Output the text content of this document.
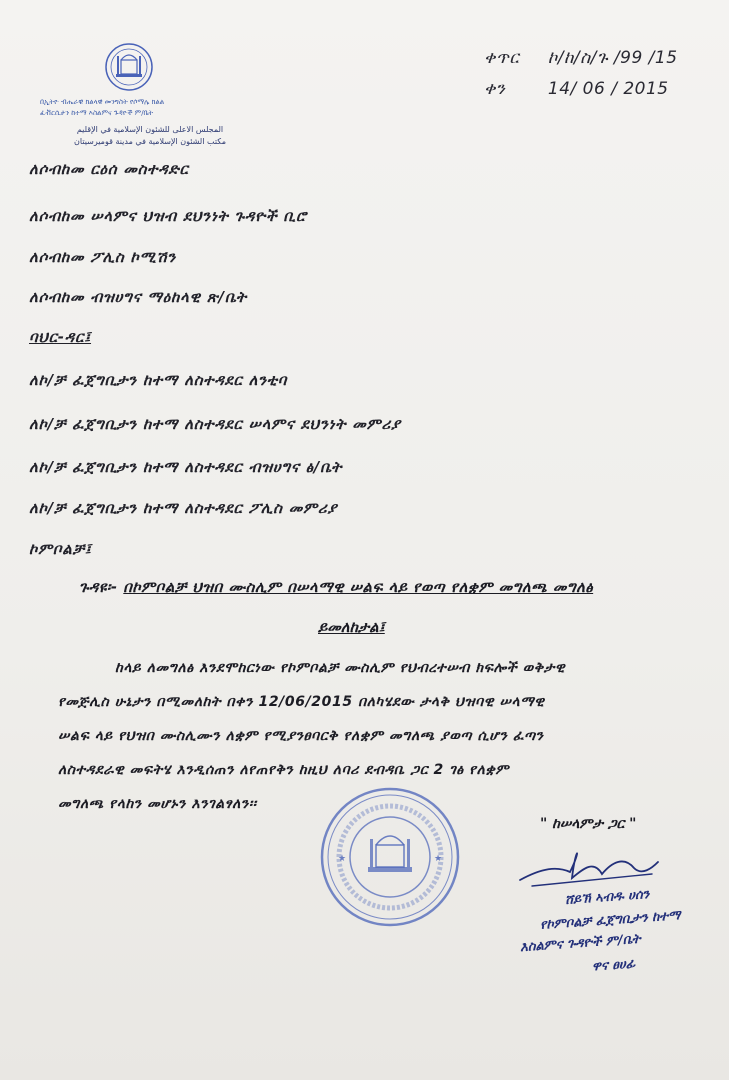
በኢትዮ ብሔራዊ ክልላዊ መንግስት የሶማሌ ክልል
ፈቭርሲታን ከተማ እስልምና ጉዳዮች ም/ቤት
المجلس الأعلى للشئون الإسلامية في الإقليم
مكتب الشئون الإسلامية في مدينة قوميرسيتان
ቀጥር ኮ/ከ/ስ/ጉ /99 /15
ቀን	14/ 06 / 2015
ለሶብከመ ርዕሰ መስተዳድር
ለሶብከመ ሠላምና ህዝብ ደህንነት ጉዳዮች ቢሮ
ለሶብከመ ፖሊስ ኮሚሽን
ለሶብከመ ብዝሀግና ማዕከላዊ ጽ/ቤት
ባህር-ዳር፤
ለኮ/ቻ ፈጀግቢታን ከተማ ለስተዳደር ለንቲባ
ለኮ/ቻ ፈጀግቢታን ከተማ ለስተዳደር ሠላምና ደህንነት መምሪያ
ለኮ/ቻ ፈጀግቢታን ከተማ ለስተዳደር ብዝሀግና ፅ/ቤት
ለኮ/ቻ ፈጀግቢታን ከተማ ለስተዳደር ፖሊስ መምሪያ
ኮምቦልቻ፤
ጉዳዩ፡- በኮምቦልቻ ህዝበ ሙስሊም በሠላማዊ ሠልፍ ላይ የወጣ የለቋም መግለጫ መግለፅ
ይመለከታል፤
ከላይ ለመግለፅ እንደሞከርነው የኮምቦልቻ ሙስሊም የህብረተሠብ ክፍሎች ወቅታዊ
የመጅሊስ ሁኔታን በሚመለከት በቀን 12/06/2015 በለካሄደው ታላቅ ህዝባዊ ሠላማዊ
ሠልፍ ላይ የህዝበ ሙስሊሙን ለቋም የሚያንፀባርቅ የለቋም መግለጫ ያወጣ ሲሆን ፈጣን
ለስተዳደራዊ መፍትሄ እንዲሰጠን ለየጠየቅን ከዚህ ለባሪ ደብዳቤ ጋር 2 ገፅ የለቋም
መግለጫ የላከን መሆኑን እንገልፃለን፡፡
★	★
" ከሠላምታ ጋር "
ሸይኽ ኣብዱ ሀሰን
የኮምቦልቻ ፈጀግቢታን ከተማ
እስልምና ጉዳዮች ም/ቤት
ዋና ፀሀፊ
